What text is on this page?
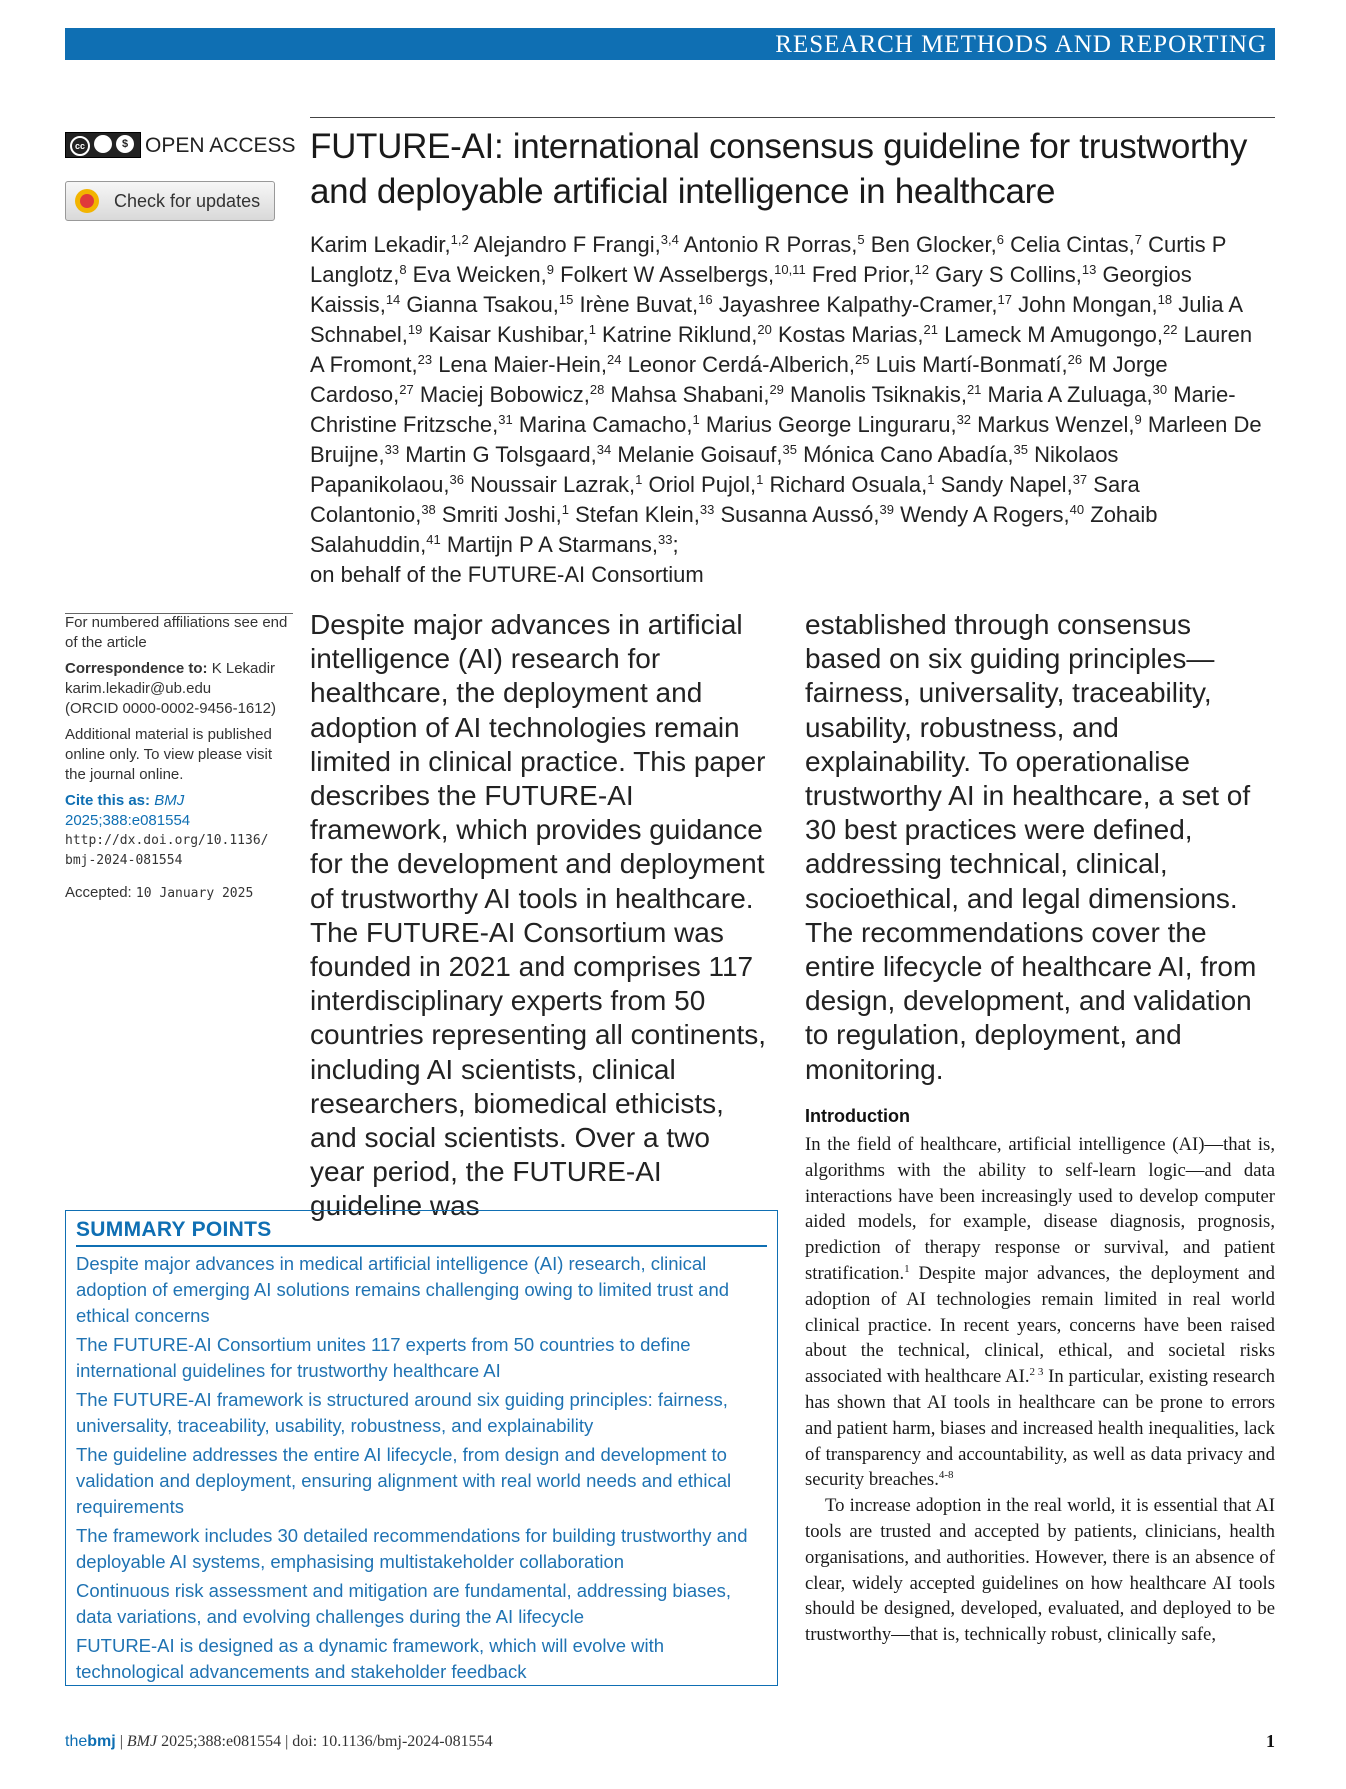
RESEARCH METHODS AND REPORTING
cc	$ OPEN ACCESS
Check for updates
FUTURE-AI: international consensus guideline for trustworthy and deployable artificial intelligence in healthcare
Karim Lekadir,$^{1,2}$ Alejandro F Frangi,$^{3,4}$ Antonio R Porras,$^5$ Ben Glocker,$^6$ Celia Cintas,$^7$ Curtis P Langlotz,$^8$ Eva Weicken,$^9$ Folkert W Asselbergs,$^{10,11}$ Fred Prior,$^{12}$ Gary S Collins,$^{13}$ Georgios Kaissis,$^{14}$ Gianna Tsakou,$^{15}$ Irène Buvat,$^{16}$ Jayashree Kalpathy-Cramer,$^{17}$ John Mongan,$^{18}$ Julia A Schnabel,$^{19}$ Kaisar Kushibar,$^1$ Katrine Riklund,$^{20}$ Kostas Marias,$^{21}$ Lameck M Amugongo,$^{22}$ Lauren A Fromont,$^{23}$ Lena Maier-Hein,$^{24}$ Leonor Cerdá-Alberich,$^{25}$ Luis Martí-Bonmatí,$^{26}$ M Jorge Cardoso,$^{27}$ Maciej Bobowicz,$^{28}$ Mahsa Shabani,$^{29}$ Manolis Tsiknakis,$^{21}$ Maria A Zuluaga,$^{30}$ Marie-Christine Fritzsche,$^{31}$ Marina Camacho,$^1$ Marius George Linguraru,$^{32}$ Markus Wenzel,$^9$ Marleen De Bruijne,$^{33}$ Martin G Tolsgaard,$^{34}$ Melanie Goisauf,$^{35}$ Mónica Cano Abadía,$^{35}$ Nikolaos Papanikolaou,$^{36}$ Noussair Lazrak,$^1$ Oriol Pujol,$^1$ Richard Osuala,$^1$ Sandy Napel,$^{37}$ Sara Colantonio,$^{38}$ Smriti Joshi,$^1$ Stefan Klein,$^{33}$ Susanna Aussó,$^{39}$ Wendy A Rogers,$^{40}$ Zohaib Salahuddin,$^{41}$ Martijn P A Starmans,$^{33}$;
on behalf of the FUTURE-AI Consortium

For numbered affiliations see end of the article

Correspondence to: K Lekadir

karim.lekadir@ub.edu

(ORCID 0000-0002-9456-1612)

Additional material is published online only. To view please visit the journal online.

Cite this as: BMJ 2025;388:e081554

http://dx.doi.org/10.1136/ bmj-2024-081554

Accepted: 10 January 2025

Despite major advances in artificial intelligence (AI) research for healthcare, the deployment and adoption of AI technologies remain limited in clinical practice. This paper describes the FUTURE-AI framework, which provides guidance for the development and deployment of trustworthy AI tools in healthcare. The FUTURE-AI Consortium was founded in 2021 and comprises 117 interdisciplinary experts from 50 countries representing all continents, including AI scientists, clinical researchers, biomedical ethicists, and social scientists. Over a two year period, the FUTURE-AI guideline was

established through consensus based on six guiding principles—fairness, universality, traceability, usability, robustness, and explainability. To operationalise trustworthy AI in healthcare, a set of 30 best practices were defined, addressing technical, clinical, socioethical, and legal dimensions. The recommendations cover the entire lifecycle of healthcare AI, from design, development, and validation to regulation, deployment, and monitoring.

SUMMARY POINTS

Despite major advances in medical artificial intelligence (AI) research, clinical adoption of emerging AI solutions remains challenging owing to limited trust and ethical concerns
The FUTURE-AI Consortium unites 117 experts from 50 countries to define international guidelines for trustworthy healthcare AI
The FUTURE-AI framework is structured around six guiding principles: fairness, universality, traceability, usability, robustness, and explainability
The guideline addresses the entire AI lifecycle, from design and development to validation and deployment, ensuring alignment with real world needs and ethical requirements
The framework includes 30 detailed recommendations for building trustworthy and deployable AI systems, emphasising multistakeholder collaboration
Continuous risk assessment and mitigation are fundamental, addressing biases, data variations, and evolving challenges during the AI lifecycle
FUTURE-AI is designed as a dynamic framework, which will evolve with technological advancements and stakeholder feedback
Introduction

In the field of healthcare, artificial intelligence (AI)—that is, algorithms with the ability to self-learn logic—and data interactions have been increasingly used to develop computer aided models, for example, disease diagnosis, prognosis, prediction of therapy response or survival, and patient stratification.$^1$ Despite major advances, the deployment and adoption of AI technologies remain limited in real world clinical practice. In recent years, concerns have been raised about the technical, clinical, ethical, and societal risks associated with healthcare AI.$^{2 3}$ In particular, existing research has shown that AI tools in healthcare can be prone to errors and patient harm, biases and increased health inequalities, lack of transparency and accountability, as well as data privacy and security breaches.$^{4-8}$

To increase adoption in the real world, it is essential that AI tools are trusted and accepted by patients, clinicians, health organisations, and authorities. However, there is an absence of clear, widely accepted guidelines on how healthcare AI tools should be designed, developed, evaluated, and deployed to be trustworthy—that is, technically robust, clinically safe,

thebmj | BMJ 2025;388:e081554 | doi: 10.1136/bmj-2024-081554	1
